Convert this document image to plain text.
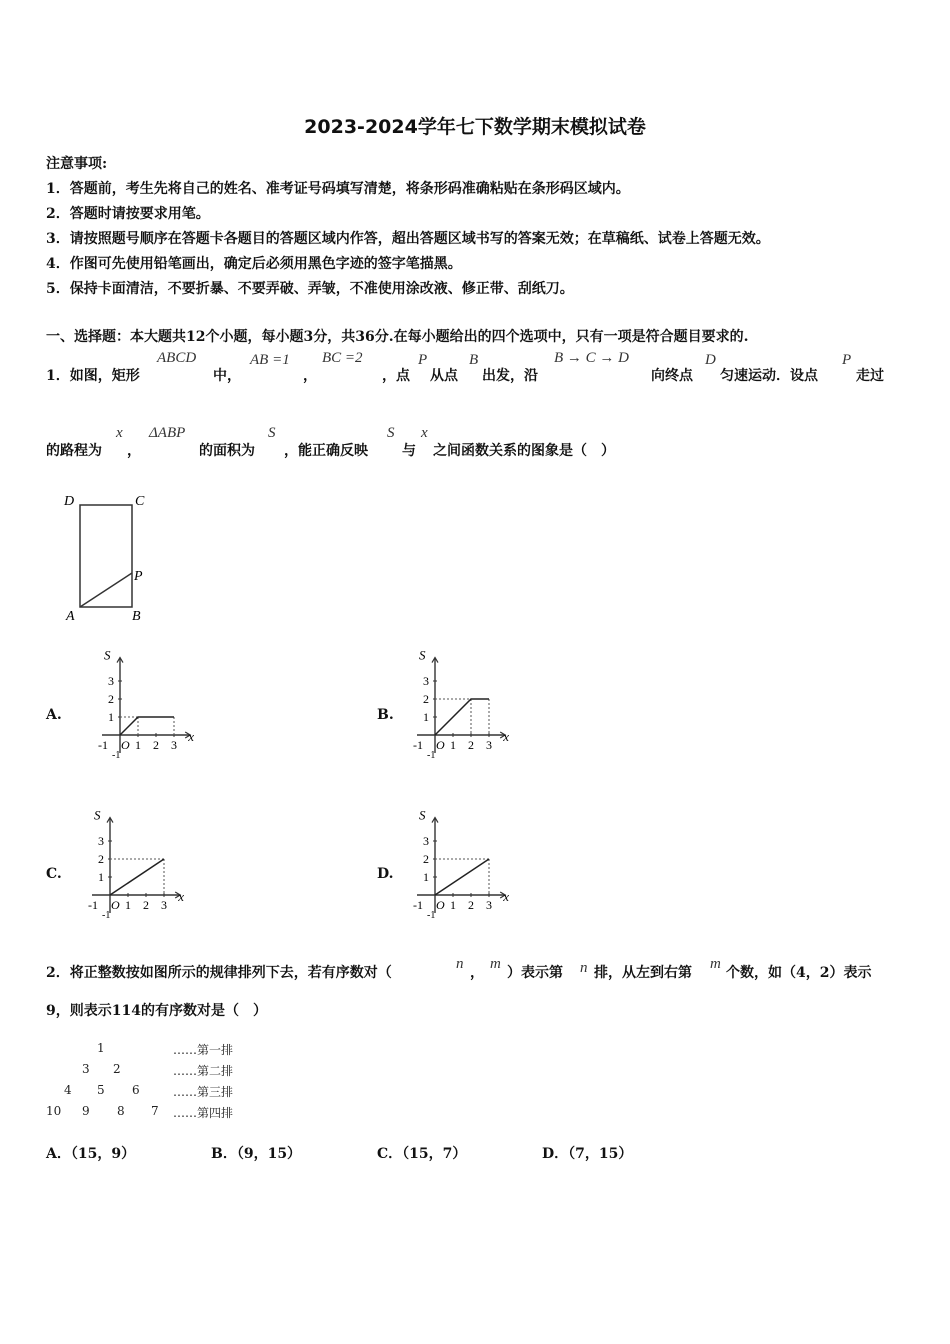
2023-2024学年七下数学期末模拟试卷
注意事项:
1．答题前，考生先将自己的姓名、准考证号码填写清楚，将条形码准确粘贴在条形码区域内。
2．答题时请按要求用笔。
3．请按照题号顺序在答题卡各题目的答题区域内作答，超出答题区域书写的答案无效；在草稿纸、试卷上答题无效。
4．作图可先使用铅笔画出，确定后必须用黑色字迹的签字笔描黑。
5．保持卡面清洁，不要折暴、不要弄破、弄皱，不准使用涂改液、修正带、刮纸刀。
一、选择题：本大题共12个小题，每小题3分，共36分.在每小题给出的四个选项中，只有一项是符合题目要求的.
1．如图，矩形
ABCD
中，
AB =1
，
BC =2
，点
P
从点
B
出发，沿
B → C → D
向终点
D
匀速运动．设点
P
走过
的路程为
x
，
ΔABP
的面积为
S
，能正确反映
S
与
x
之间函数关系的图象是（　）
D	C
P
A	B
A.	B.
C.	D.
1
1
2
2
3
3
-1 O
-1
S
x
1
1
2
2
3
3
-1 O
-1
S
x
1
1
2
2
3
3
-1 O
-1
S
x
1
1
2
2
3
3
-1 O
-1
S
x
2．将正整数按如图所示的规律排列下去，若有序数对（
n
，
m
）表示第 n 排，从左到右第
m
个数，如（4，2）表示
9，则表示114的有序数对是（　）
1	……第一排
3 2	……第二排
4 5 6	……第三排
10 9 8 7 ……第四排
A．（15，9）	B．（9，15）	C．（15，7）	D．（7，15）
